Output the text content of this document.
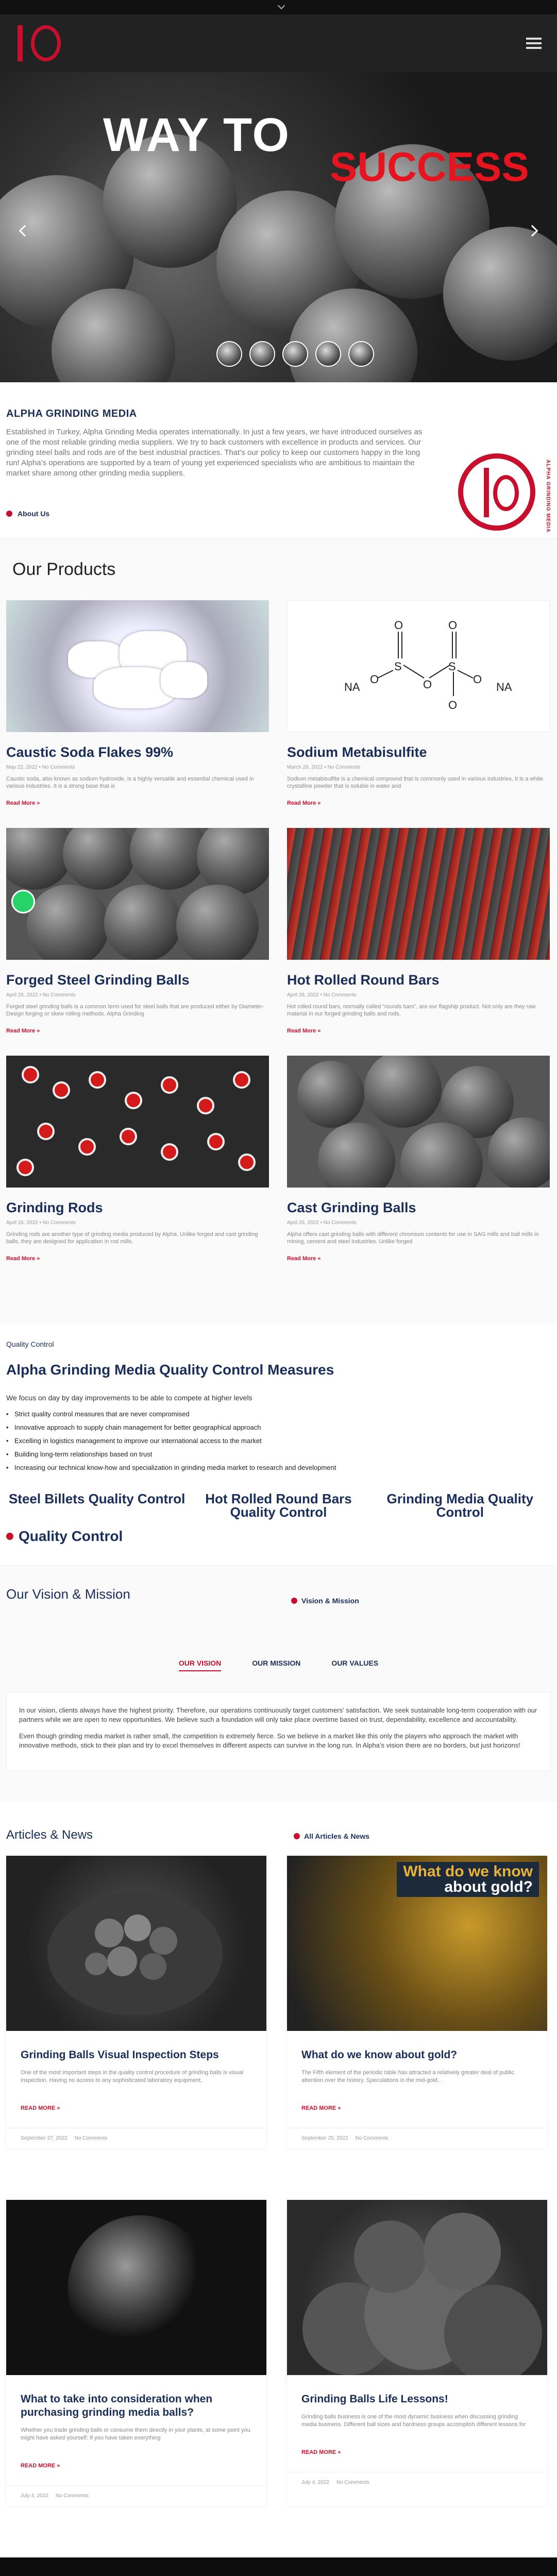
WAY TO
SUCCESS
ALPHA GRINDING MEDIA

Established in Turkey, Alpha Grinding Media operates internationally. In just a few years, we have introduced ourselves as one of the most reliable grinding media suppliers. We try to back customers with excellence in products and services. Our grinding steel balls and rods are of the best industrial practices. That’s our policy to keep our customers happy in the long run! Alpha’s operations are supported by a team of young yet experienced specialists who are ambitious to maintain the market share among other grinding media suppliers.	ALPHA GRINDING MEDIA
About Us
Our Products
Caustic Soda Flakes 99%
May 22, 2022 • No Comments

Caustic soda, also known as sodium hydroxide, is a highly versatile and essential chemical used in various industries. It is a strong base that is

Read More »
NA
O
S
O
O
S
O
O
O
NA
Sodium Metabisulfite
March 26, 2022 • No Comments

Sodium metabisulfite is a chemical compound that is commonly used in various industries. It is a white crystalline powder that is soluble in water and

Read More »
Forged Steel Grinding Balls
April 26, 2022 • No Comments

Forged steel grinding balls is a common term used for steel balls that are produced either by Diameter-Design forging or skew rolling methods. Alpha Grinding

Read More »
Hot Rolled Round Bars
April 26, 2022 • No Comments

Hot rolled round bars, normally called “rounds bars”, are our flagship product. Not only are they raw material in our forged grinding balls and rods,

Read More »
Grinding Rods
April 26, 2022 • No Comments

Grinding rods are another type of grinding media produced by Alpha. Unlike forged and cast grinding balls, they are designed for application in rod mills.

Read More »
Cast Grinding Balls
April 26, 2022 • No Comments

Alpha offers cast grinding balls with different chromium contents for use in SAG mills and ball mills in mining, cement and steel industries. Unlike forged

Read More »
Quality Control
Alpha Grinding Media Quality Control Measures
We focus on day by day improvements to be able to compete at higher levels
• Strict quality control measures that are never compromised
• Innovative approach to supply chain management for better geographical approach
• Excelling in logistics management to improve our international access to the market
• Building long-term relationships based on trust
• Increasing our technical know-how and specialization in grinding media market to research and development
Steel Billets Quality Control	Hot Rolled Round Bars Quality Control
Grinding Media Quality Control
Quality Control
Our Vision & Mission	Vision & Mission
OUR VISION	OUR MISSION	OUR VALUES

In our vision, clients always have the highest priority. Therefore, our operations continuously target customers’ satisfaction. We seek sustainable long-term cooperation with our partners while we are open to new opportunities. We believe such a foundation will only take place overtime based on trust, dependability, excellence and accountability.

Even though grinding media market is rather small, the competition is extremely fierce. So we believe in a market like this only the players who approach the market with innovative methods, stick to their plan and try to excel themselves in different aspects can survive in the long run. In Alpha’s vision there are no borders, but just horizons!

Articles & News	All Articles & News
Grinding Balls Visual Inspection Steps

One of the most important steps in the quality control procedure of grinding balls is visual inspection. Having no access to any sophisticated laboratory equipment,

READ MORE »
September 27, 2022 No Comments
What do we know
about gold?
What do we know about gold?

The Fifth element of the periodic table has attracted a relatively greater deal of public attention over the history. Speculations in the mid-gold...

READ MORE »
September 25, 2022 No Comments
What to take into consideration when purchasing grinding media balls?

Whether you trade grinding balls or consume them directly in your plants, at some point you might have asked yourself: If you have taken everything

READ MORE »
July 4, 2022 No Comments
Grinding Balls Life Lessons!

Grinding balls business is one of the most dynamic business when discussing grinding media business. Different ball sizes and hardness groups accomplish different lessons for

READ MORE »
July 4, 2022 No Comments
